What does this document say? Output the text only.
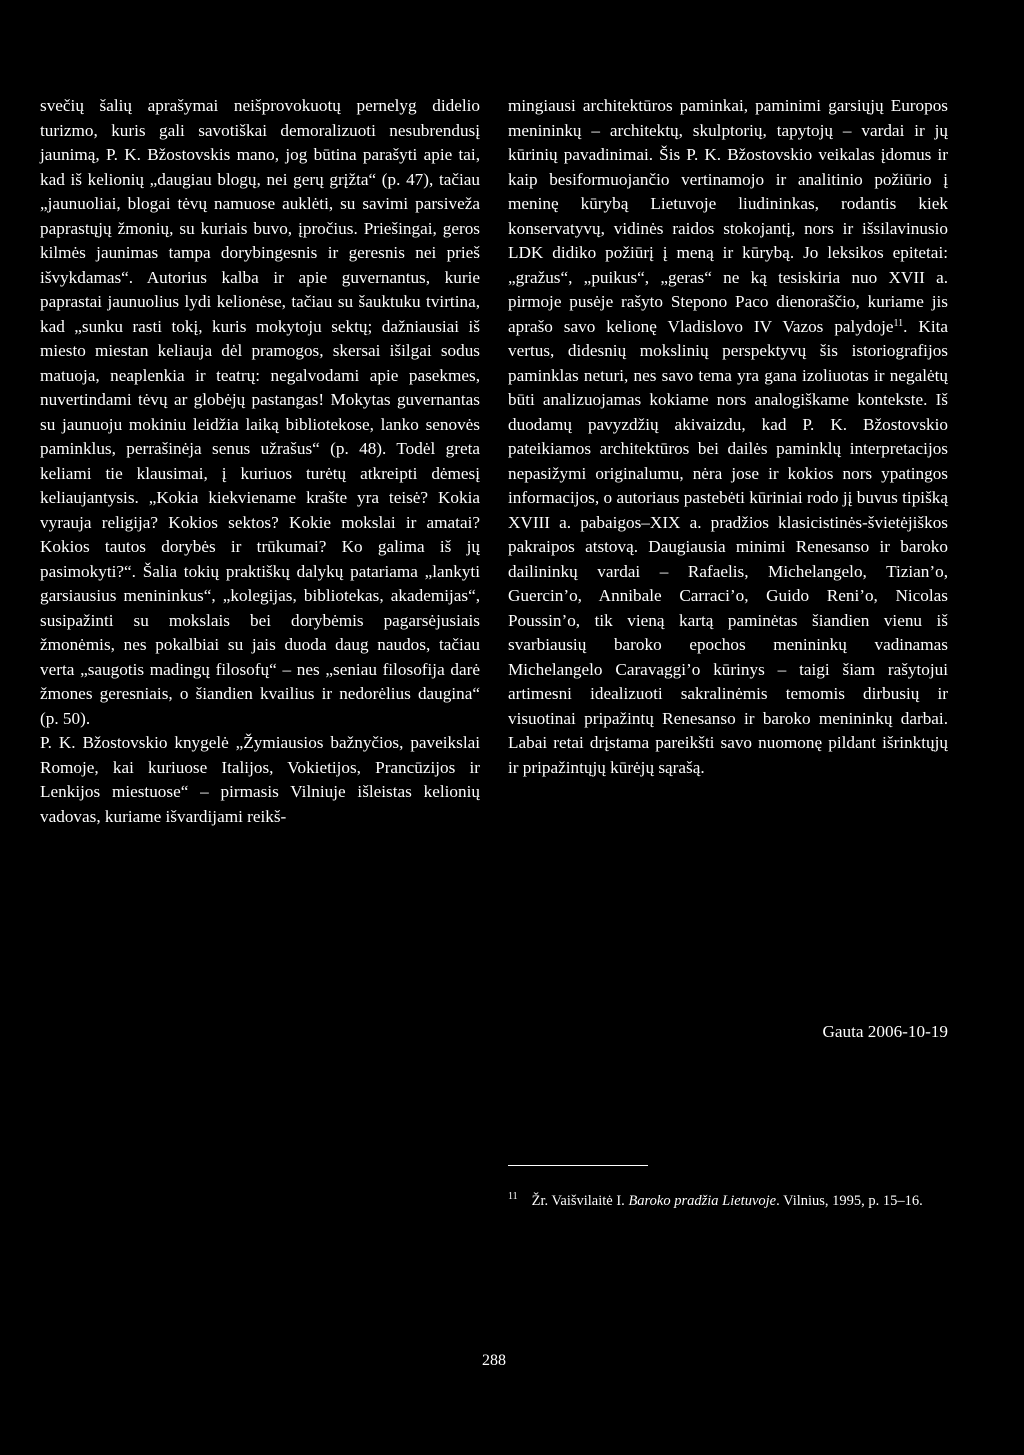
svečių šalių aprašymai neišprovokuotų pernelyg didelio turizmo, kuris gali savotiškai demoralizuoti nesubrendusį jaunimą, P. K. Bžostovskis mano, jog būtina parašyti apie tai, kad iš kelionių „daugiau blogų, nei gerų grįžta“ (p. 47), tačiau „jaunuoliai, blogai tėvų namuose auklėti, su savimi parsiveža paprastųjų žmonių, su kuriais buvo, įpročius. Priešingai, geros kilmės jaunimas tampa dorybingesnis ir geresnis nei prieš išvykdamas“. Autorius kalba ir apie guvernantus, kurie paprastai jaunuolius lydi kelionėse, tačiau su šauktuku tvirtina, kad „sunku rasti tokį, kuris mokytoju sektų; dažniausiai iš miesto miestan keliauja dėl pramogos, skersai išilgai sodus matuoja, neaplenkia ir teatrų: negalvodami apie pasekmes, nuvertindami tėvų ar globėjų pastangas! Mokytas guvernantas su jaunuoju mokiniu leidžia laiką bibliotekose, lanko senovės paminklus, perrašinėja senus užrašus“ (p. 48). Todėl greta keliami tie klausimai, į kuriuos turėtų atkreipti dėmesį keliaujantysis. „Kokia kiekviename krašte yra teisė? Kokia vyrauja religija? Kokios sektos? Kokie mokslai ir amatai? Kokios tautos dorybės ir trūkumai? Ko galima iš jų pasimokyti?“. Šalia tokių praktiškų dalykų patariama „lankyti garsiausius menininkus“, „kolegijas, bibliotekas, akademijas“, susipažinti su mokslais bei dorybėmis pagarsėjusiais žmonėmis, nes pokalbiai su jais duoda daug naudos, tačiau verta „saugotis madingų filosofų“ – nes „seniau filosofija darė žmones geresniais, o šiandien kvailius ir nedorėlius daugina“ (p. 50).

P. K. Bžostovskio knygelė „Žymiausios bažnyčios, paveikslai Romoje, kai kuriuose Italijos, Vokietijos, Prancūzijos ir Lenkijos miestuose“ – pirmasis Vilniuje išleistas kelionių vadovas, kuriame išvardijami reikš-

mingiausi architektūros paminkai, paminimi garsiųjų Europos menininkų – architektų, skulptorių, tapytojų – vardai ir jų kūrinių pavadinimai. Šis P. K. Bžostovskio veikalas įdomus ir kaip besiformuojančio vertinamojo ir analitinio požiūrio į meninę kūrybą Lietuvoje liudininkas, rodantis kiek konservatyvų, vidinės raidos stokojantį, nors ir išsilavinusio LDK didiko požiūrį į meną ir kūrybą. Jo leksikos epitetai: „gražus“, „puikus“, „geras“ ne ką tesiskiria nuo XVII a. pirmoje pusėje rašyto Stepono Paco dienoraščio, kuriame jis aprašo savo kelionę Vladislovo IV Vazos palydoje$^{11}$. Kita vertus, didesnių mokslinių perspektyvų šis istoriografijos paminklas neturi, nes savo tema yra gana izoliuotas ir negalėtų būti analizuojamas kokiame nors analogiškame kontekste. Iš duodamų pavyzdžių akivaizdu, kad P. K. Bžostovskio pateikiamos architektūros bei dailės paminklų interpretacijos nepasižymi originalumu, nėra jose ir kokios nors ypatingos informacijos, o autoriaus pastebėti kūriniai rodo jį buvus tipišką XVIII a. pabaigos–XIX a. pradžios klasicistinės-švietėjiškos pakraipos atstovą. Daugiausia minimi Renesanso ir baroko dailininkų vardai – Rafaelis, Michelangelo, Tizian’o, Guercin’o, Annibale Carraci’o, Guido Reni’o, Nicolas Poussin’o, tik vieną kartą paminėtas šiandien vienu iš svarbiausių baroko epochos menininkų vadinamas Michelangelo Caravaggi’o kūrinys – taigi šiam rašytojui artimesni idealizuoti sakralinėmis temomis dirbusių ir visuotinai pripažintų Renesanso ir baroko menininkų darbai. Labai retai drįstama pareikšti savo nuomonę pildant išrinktųjų ir pripažintųjų kūrėjų sąrašą.

Gauta 2006-10-19
$^{11}$ Žr. Vaišvilaitė I. Baroko pradžia Lietuvoje. Vilnius, 1995, p. 15–16.
288
